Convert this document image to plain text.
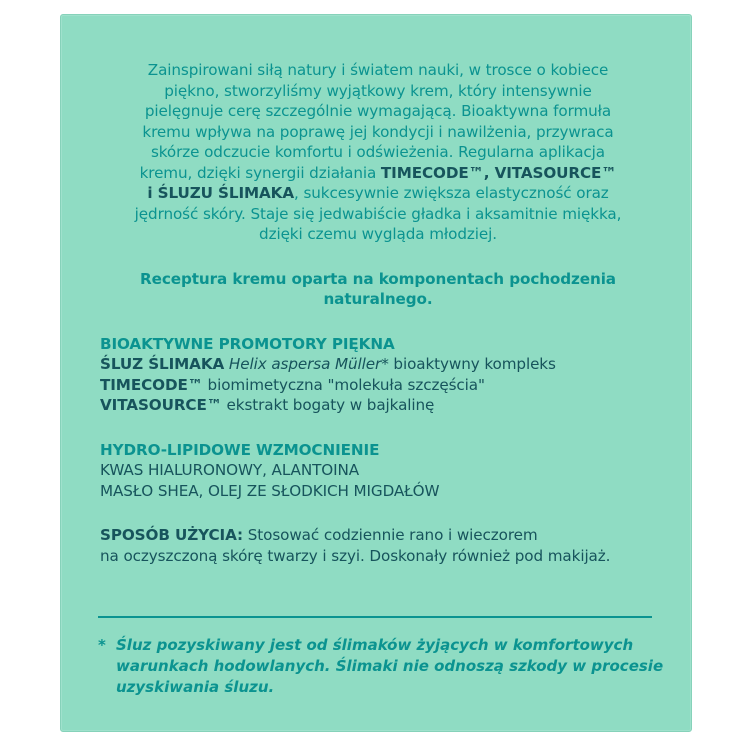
Zainspirowani siłą natury i światem nauki, w trosce o kobiece
piękno, stworzyliśmy wyjątkowy krem, który intensywnie
pielęgnuje cerę szczególnie wymagającą. Bioaktywna formuła
kremu wpływa na poprawę jej kondycji i nawilżenia, przywraca
skórze odczucie komfortu i odświeżenia. Regularna aplikacja
kremu, dzięki synergii działania TIMECODE™, VITASOURCE™
i ŚLUZU ŚLIMAKA, sukcesywnie zwiększa elastyczność oraz
jędrność skóry. Staje się jedwabiście gładka i aksamitnie miękka,
dzięki czemu wygląda młodziej.

Receptura kremu oparta na komponentach pochodzenia
naturalnego.

BIOAKTYWNE PROMOTORY PIĘKNA
ŚLUZ ŚLIMAKA Helix aspersa Müller* bioaktywny kompleks
TIMECODE™ biomimetyczna "molekuła szczęścia"
VITASOURCE™ ekstrakt bogaty w bajkalinę
HYDRO-LIPIDOWE WZMOCNIENIE
KWAS HIALURONOWY, ALANTOINA
MASŁO SHEA, OLEJ ZE SŁODKICH MIGDAŁÓW
SPOSÓB UŻYCIA: Stosować codziennie rano i wieczorem
na oczyszczoną skórę twarzy i szyi. Doskonały również pod makijaż.
* Śluz pozyskiwany jest od ślimaków żyjących w komfortowych
warunkach hodowlanych. Ślimaki nie odnoszą szkody w procesie
uzyskiwania śluzu.
